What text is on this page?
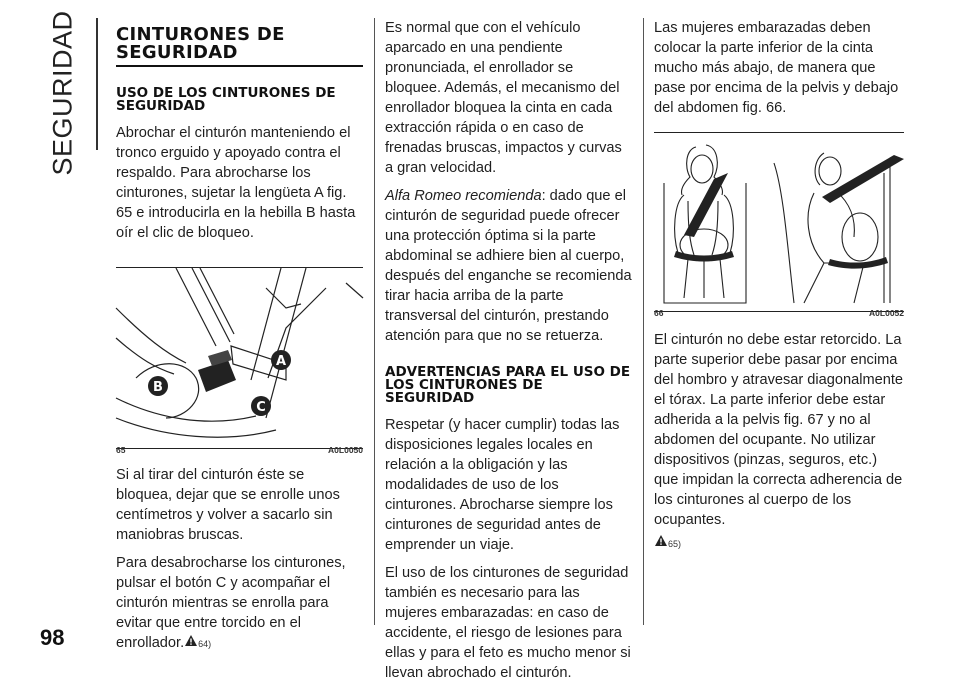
SEGURIDAD
98
CINTURONES DE SEGURIDAD
USO DE LOS CINTURONES DE SEGURIDAD

Abrochar el cinturón manteniendo el tronco erguido y apoyado contra el respaldo. Para abrocharse los cinturones, sujetar la lengüeta A fig. 65 e introducirla en la hebilla B hasta oír el clic de bloqueo.

A
B
C
65	A0L0050

Si al tirar del cinturón éste se bloquea, dejar que se enrolle unos centímetros y volver a sacarlo sin maniobras bruscas.

Para desabrocharse los cinturones, pulsar el botón C y acompañar el cinturón mientras se enrolla para evitar que entre torcido en el enrollador. 64)

Es normal que con el vehículo aparcado en una pendiente pronunciada, el enrollador se bloquee. Además, el mecanismo del enrollador bloquea la cinta en cada extracción rápida o en caso de frenadas bruscas, impactos y curvas a gran velocidad.

Alfa Romeo recomienda: dado que el cinturón de seguridad puede ofrecer una protección óptima si la parte abdominal se adhiere bien al cuerpo, después del enganche se recomienda tirar hacia arriba de la parte transversal del cinturón, prestando atención para que no se retuerza.

ADVERTENCIAS PARA EL USO DE LOS CINTURONES DE SEGURIDAD

Respetar (y hacer cumplir) todas las disposiciones legales locales en relación a la obligación y las modalidades de uso de los cinturones. Abrocharse siempre los cinturones de seguridad antes de emprender un viaje.

El uso de los cinturones de seguridad también es necesario para las mujeres embarazadas: en caso de accidente, el riesgo de lesiones para ellas y para el feto es mucho menor si llevan abrochado el cinturón.

Las mujeres embarazadas deben colocar la parte inferior de la cinta mucho más abajo, de manera que pase por encima de la pelvis y debajo del abdomen fig. 66.

66	A0L0052

El cinturón no debe estar retorcido. La parte superior debe pasar por encima del hombro y atravesar diagonalmente el tórax. La parte inferior debe estar adherida a la pelvis fig. 67 y no al abdomen del ocupante. No utilizar dispositivos (pinzas, seguros, etc.) que impidan la correcta adherencia de los cinturones al cuerpo de los ocupantes.

65)
